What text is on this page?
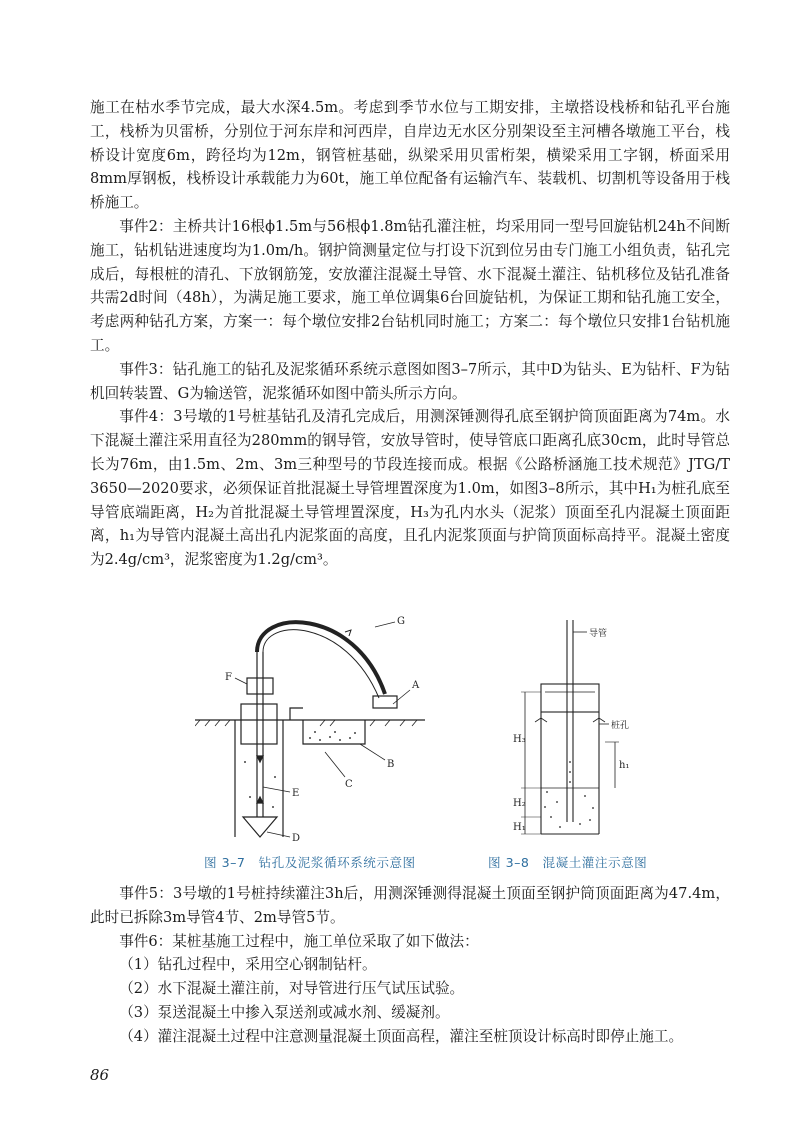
施工在枯水季节完成，最大水深4.5m。考虑到季节水位与工期安排，主墩搭设栈桥和钻孔平台施工，栈桥为贝雷桥，分别位于河东岸和河西岸，自岸边无水区分别架设至主河槽各墩施工平台，栈桥设计宽度6m，跨径均为12m，钢管桩基础，纵梁采用贝雷桁架，横梁采用工字钢，桥面采用8mm厚钢板，栈桥设计承载能力为60t，施工单位配备有运输汽车、装载机、切割机等设备用于栈桥施工。

事件2：主桥共计16根ϕ1.5m与56根ϕ1.8m钻孔灌注桩，均采用同一型号回旋钻机24h不间断施工，钻机钻进速度均为1.0m/h。钢护筒测量定位与打设下沉到位另由专门施工小组负责，钻孔完成后，每根桩的清孔、下放钢筋笼，安放灌注混凝土导管、水下混凝土灌注、钻机移位及钻孔准备共需2d时间（48h），为满足施工要求，施工单位调集6台回旋钻机，为保证工期和钻孔施工安全，考虑两种钻孔方案，方案一：每个墩位安排2台钻机同时施工；方案二：每个墩位只安排1台钻机施工。

事件3：钻孔施工的钻孔及泥浆循环系统示意图如图3–7所示，其中D为钻头、E为钻杆、F为钻机回转装置、G为输送管，泥浆循环如图中箭头所示方向。

事件4：3号墩的1号桩基钻孔及清孔完成后，用测深锤测得孔底至钢护筒顶面距离为74m。水下混凝土灌注采用直径为280mm的钢导管，安放导管时，使导管底口距离孔底30cm，此时导管总长为76m，由1.5m、2m、3m三种型号的节段连接而成。根据《公路桥涵施工技术规范》JTG/T 3650—2020要求，必须保证首批混凝土导管埋置深度为1.0m，如图3–8所示，其中H₁为桩孔底至导管底端距离，H₂为首批混凝土导管埋置深度，H₃为孔内水头（泥浆）顶面至孔内混凝土顶面距离，h₁为导管内混凝土高出孔内泥浆面的高度，且孔内泥浆顶面与护筒顶面标高持平。混凝土密度为2.4g/cm³，泥浆密度为1.2g/cm³。

G
A
B
C
E
D
F
导管
桩孔
H₃
h₁
H₂
H₁
图 3–7　钻孔及泥浆循环系统示意图	图 3–8　混凝土灌注示意图

事件5：3号墩的1号桩持续灌注3h后，用测深锤测得混凝土顶面至钢护筒顶面距离为47.4m，此时已拆除3m导管4节、2m导管5节。

事件6：某桩基施工过程中，施工单位采取了如下做法：

（1）钻孔过程中，采用空心钢制钻杆。

（2）水下混凝土灌注前，对导管进行压气试压试验。

（3）泵送混凝土中掺入泵送剂或减水剂、缓凝剂。

（4）灌注混凝土过程中注意测量混凝土顶面高程，灌注至桩顶设计标高时即停止施工。

86
